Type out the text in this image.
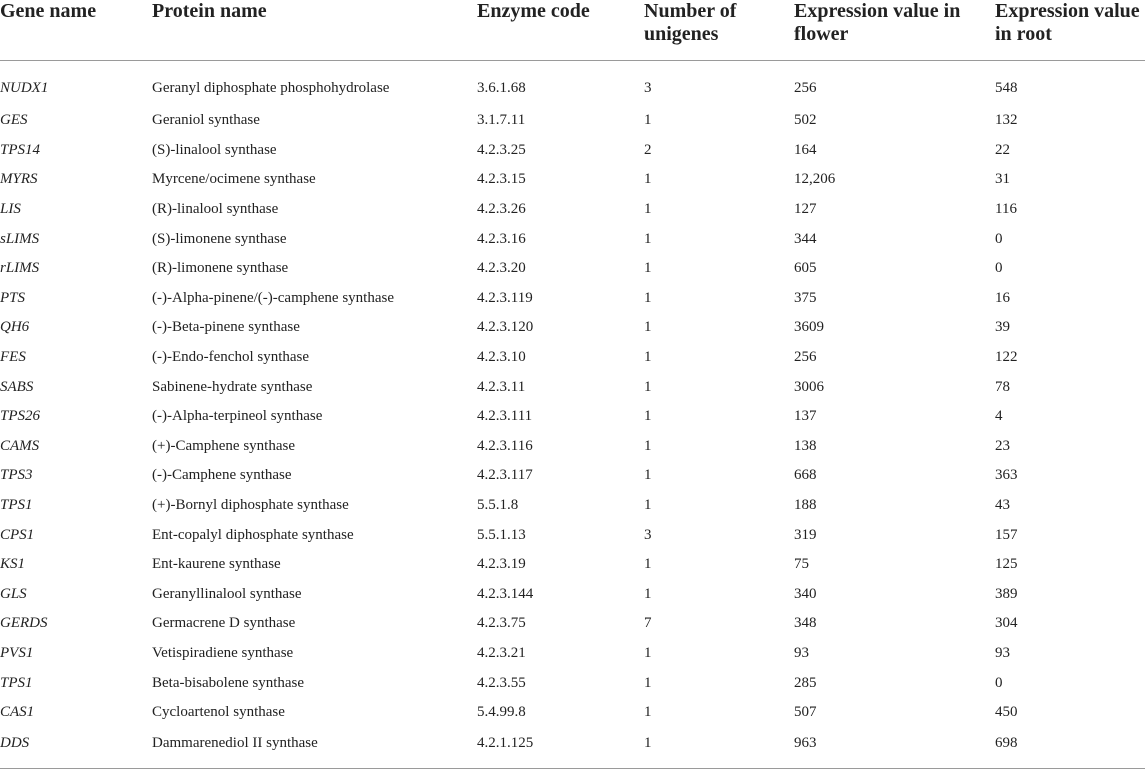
Gene name	Protein name	Enzyme code	Number of unigenes	Expression value in flower	Expression value in root
NUDX1	Geranyl diphosphate phosphohydrolase	3.6.1.68	3	256	548
GES	Geraniol synthase	3.1.7.11	1	502	132
TPS14	(S)-linalool synthase	4.2.3.25	2	164	22
MYRS	Myrcene/ocimene synthase	4.2.3.15	1	12,206	31
LIS	(R)-linalool synthase	4.2.3.26	1	127	116
sLIMS	(S)-limonene synthase	4.2.3.16	1	344	0
rLIMS	(R)-limonene synthase	4.2.3.20	1	605	0
PTS	(-)-Alpha-pinene/(-)-camphene synthase	4.2.3.119	1	375	16
QH6	(-)-Beta-pinene synthase	4.2.3.120	1	3609	39
FES	(-)-Endo-fenchol synthase	4.2.3.10	1	256	122
SABS	Sabinene-hydrate synthase	4.2.3.11	1	3006	78
TPS26	(-)-Alpha-terpineol synthase	4.2.3.111	1	137	4
CAMS	(+)-Camphene synthase	4.2.3.116	1	138	23
TPS3	(-)-Camphene synthase	4.2.3.117	1	668	363
TPS1	(+)-Bornyl diphosphate synthase	5.5.1.8	1	188	43
CPS1	Ent-copalyl diphosphate synthase	5.5.1.13	3	319	157
KS1	Ent-kaurene synthase	4.2.3.19	1	75	125
GLS	Geranyllinalool synthase	4.2.3.144	1	340	389
GERDS	Germacrene D synthase	4.2.3.75	7	348	304
PVS1	Vetispiradiene synthase	4.2.3.21	1	93	93
TPS1	Beta-bisabolene synthase	4.2.3.55	1	285	0
CAS1	Cycloartenol synthase	5.4.99.8	1	507	450
DDS	Dammarenediol II synthase	4.2.1.125	1	963	698
